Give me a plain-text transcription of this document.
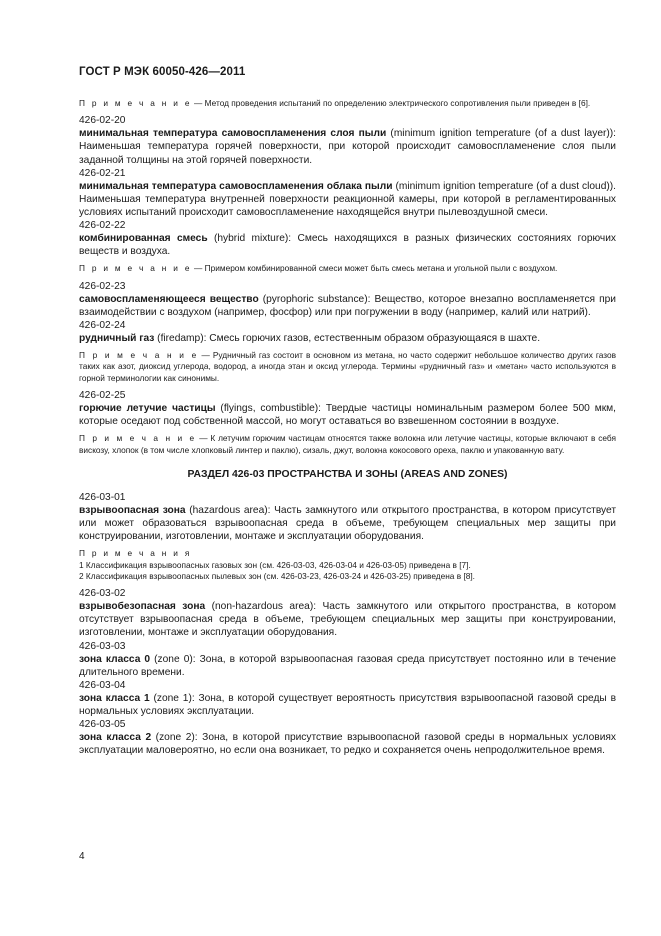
ГОСТ Р МЭК 60050-426—2011

П р и м е ч а н и е — Метод проведения испытаний по определению электрического сопротивления пыли приведен в [6].

426-02-20

минимальная температура самовоспламенения слоя пыли (minimum ignition temperature (of a dust layer)): Наименьшая температура горячей поверхности, при которой происходит самовоспламенение слоя пыли заданной толщины на этой горячей поверхности.

426-02-21

минимальная температура самовоспламенения облака пыли (minimum ignition temperature (of a dust cloud)). Наименьшая температура внутренней поверхности реакционной камеры, при которой в регламентированных условиях испытаний происходит самовоспламенение находящейся внутри пылевоздушной смеси.

426-02-22

комбинированная смесь (hybrid mixture): Смесь находящихся в разных физических состояниях горючих веществ и воздуха.

П р и м е ч а н и е — Примером комбинированной смеси может быть смесь метана и угольной пыли с воздухом.

426-02-23

самовоспламеняющееся вещество (pyrophoric substance): Вещество, которое внезапно воспламеняется при взаимодействии с воздухом (например, фосфор) или при погружении в воду (например, калий или натрий).

426-02-24

рудничный газ (firedamp): Смесь горючих газов, естественным образом образующаяся в шахте.

П р и м е ч а н и е — Рудничный газ состоит в основном из метана, но часто содержит небольшое количество других газов таких как азот, диоксид углерода, водород, а иногда этан и оксид углерода. Термины «рудничный газ» и «метан» часто используются в горной терминологии как синонимы.

426-02-25

горючие летучие частицы (flyings, combustible): Твердые частицы номинальным размером более 500 мкм, которые оседают под собственной массой, но могут оставаться во взвешенном состоянии в воздухе.

П р и м е ч а н и е — К летучим горючим частицам относятся также волокна или летучие частицы, которые включают в себя вискозу, хлопок (в том числе хлопковый линтер и паклю), сизаль, джут, волокна кокосового ореха, паклю и упакованную вату.

РАЗДЕЛ 426-03 ПРОСТРАНСТВА И ЗОНЫ (AREAS AND ZONES)

426-03-01

взрывоопасная зона (hazardous area): Часть замкнутого или открытого пространства, в котором присутствует или может образоваться взрывоопасная среда в объеме, требующем специальных мер защиты при конструировании, изготовлении, монтаже и эксплуатации оборудования.

П р и м е ч а н и я

1 Классификация взрывоопасных газовых зон (см. 426-03-03, 426-03-04 и 426-03-05) приведена в [7].

2 Классификация взрывоопасных пылевых зон (см. 426-03-23, 426-03-24 и 426-03-25) приведена в [8].

426-03-02

взрывобезопасная зона (non-hazardous area): Часть замкнутого или открытого пространства, в котором отсутствует взрывоопасная среда в объеме, требующем специальных мер защиты при конструировании, изготовлении, монтаже и эксплуатации оборудования.

426-03-03

зона класса 0 (zone 0): Зона, в которой взрывоопасная газовая среда присутствует постоянно или в течение длительного времени.

426-03-04

зона класса 1 (zone 1): Зона, в которой существует вероятность присутствия взрывоопасной газовой среды в нормальных условиях эксплуатации.

426-03-05

зона класса 2 (zone 2): Зона, в которой присутствие взрывоопасной газовой среды в нормальных условиях эксплуатации маловероятно, но если она возникает, то редко и сохраняется очень непродолжительное время.

4
